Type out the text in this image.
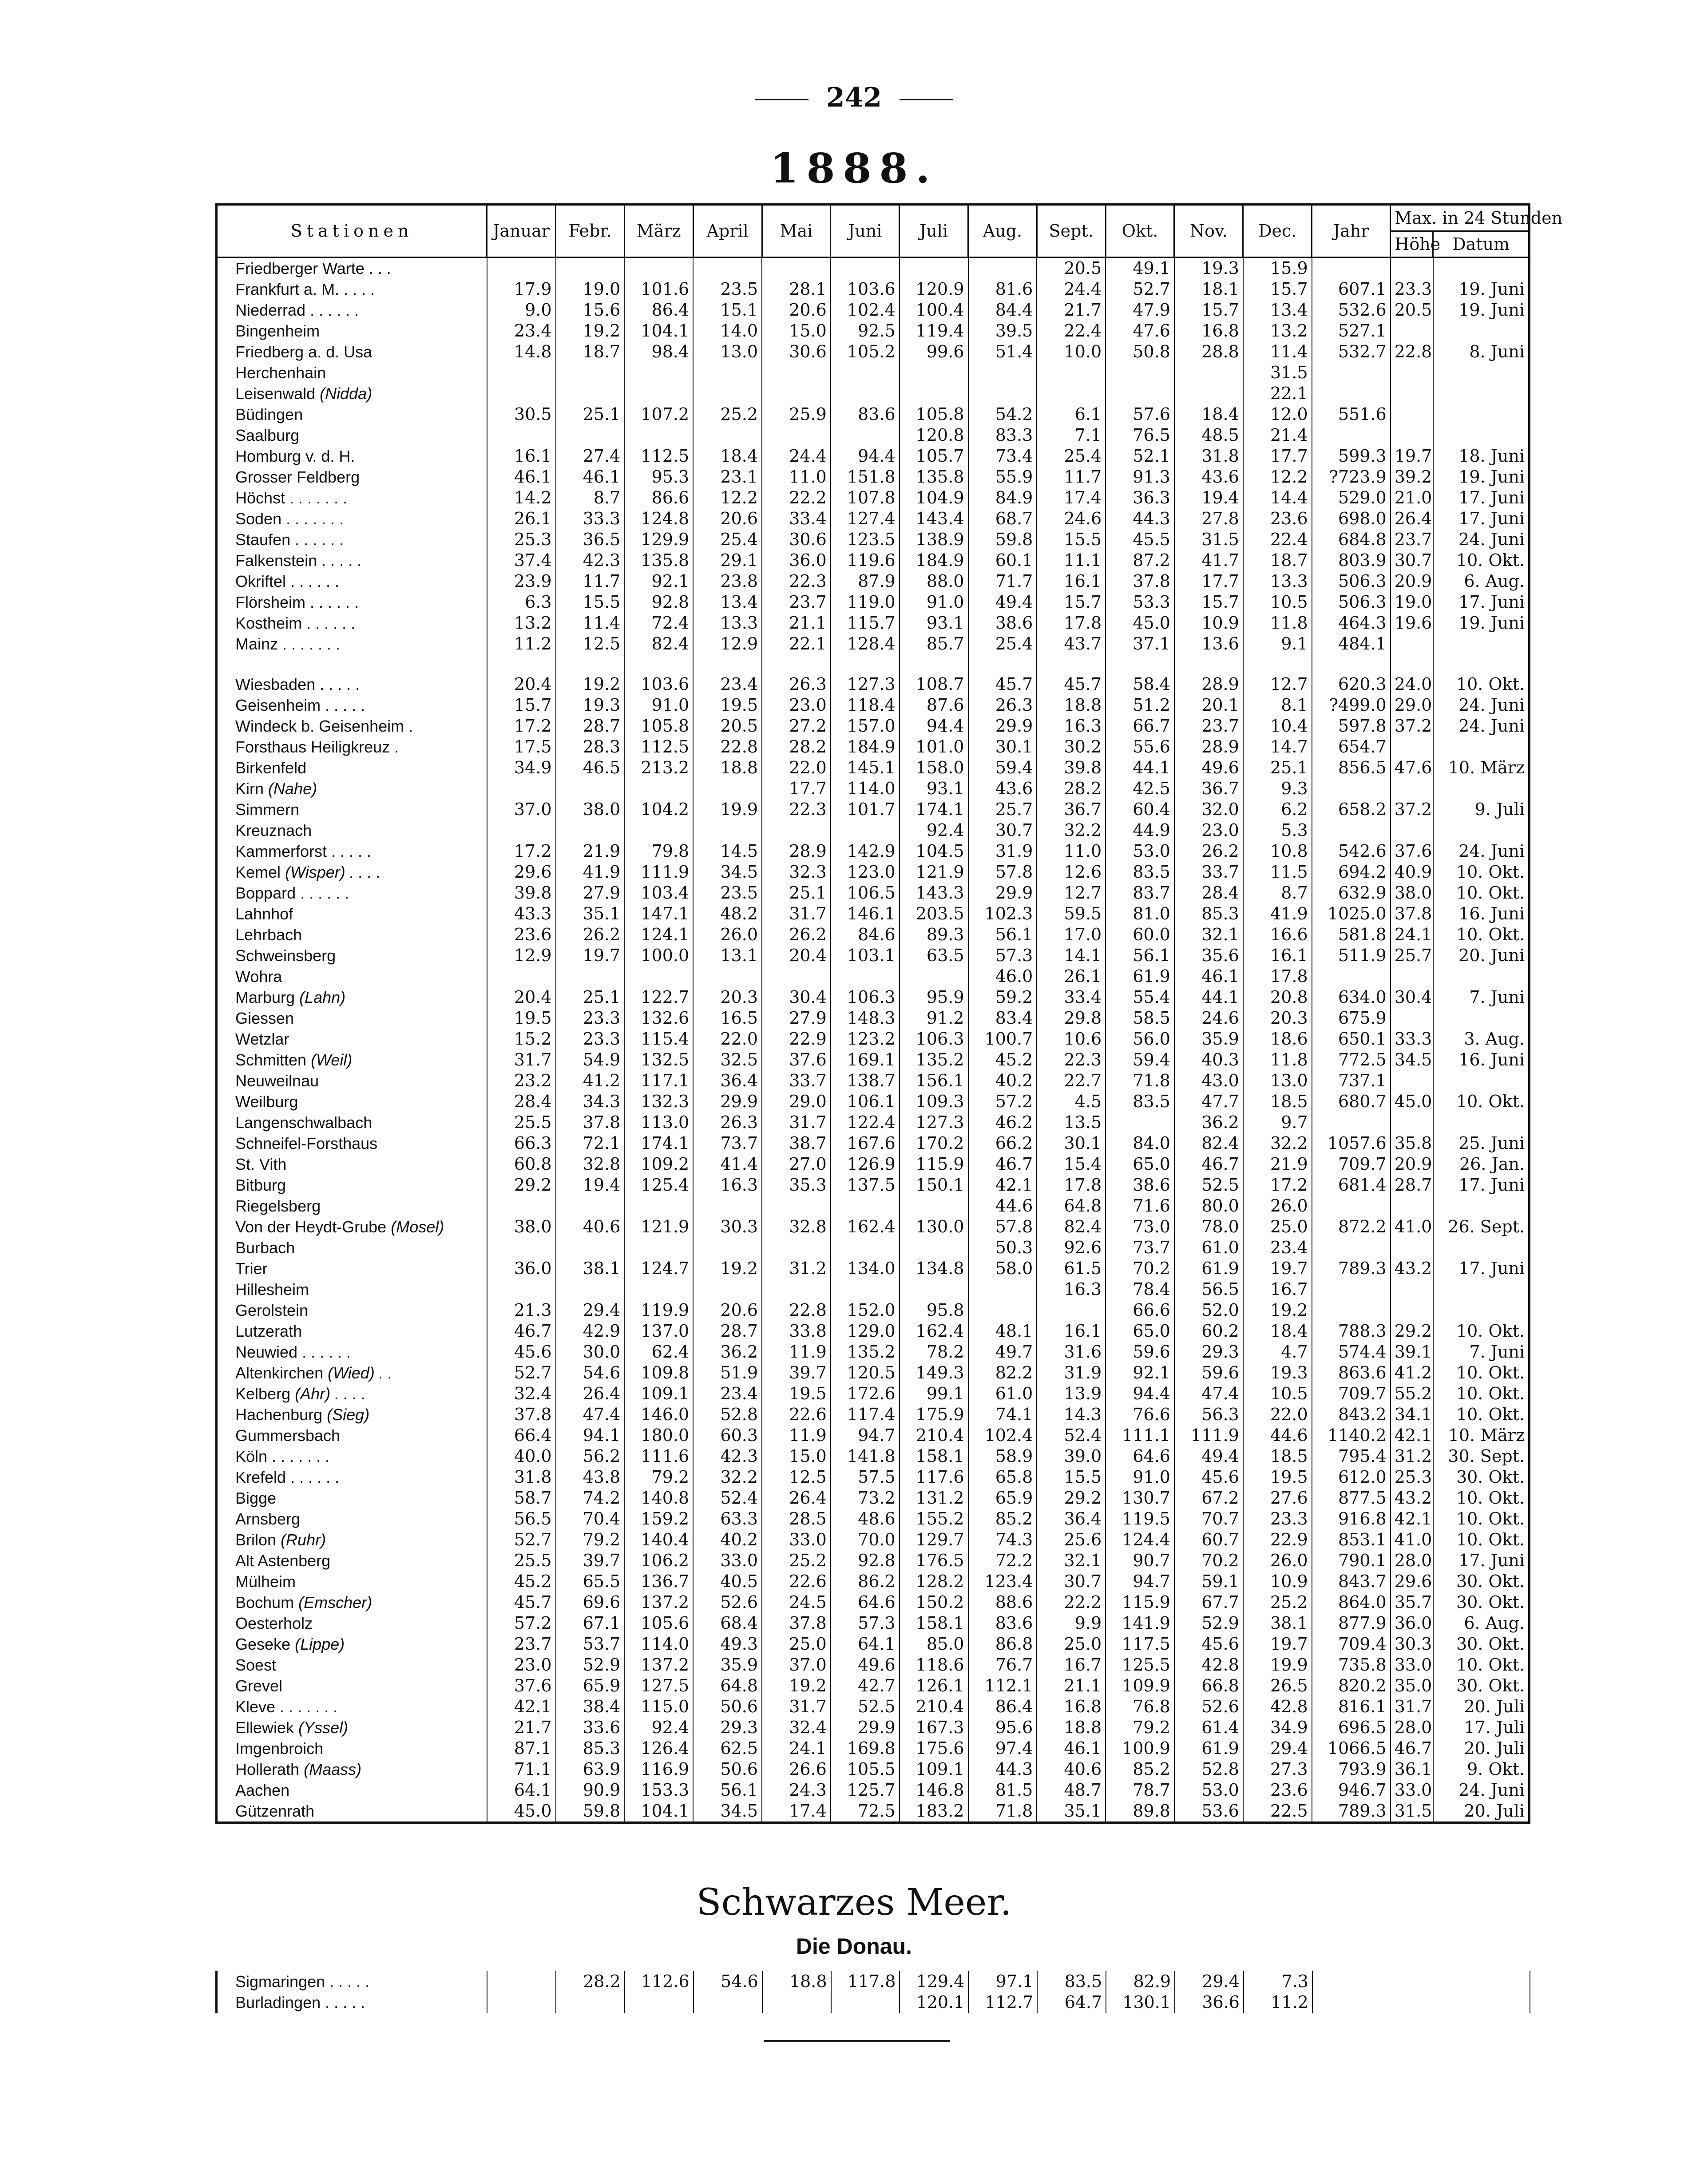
242
1888.
Stationen	Januar	Febr.	März	April	Mai	Juni	Juli	Aug.	Sept.	Okt.	Nov.	Dec.	Jahr	Max. in 24 Stunden	
														Höhe	Datum
Friedberger Warte . . .									20.5	49.1	19.3	15.9			
Frankfurt a. M. . . . .	17.9	19.0	101.6	23.5	28.1	103.6	120.9	81.6	24.4	52.7	18.1	15.7	607.1	23.3	19. Juni
Niederrad . . . . . .	9.0	15.6	86.4	15.1	20.6	102.4	100.4	84.4	21.7	47.9	15.7	13.4	532.6	20.5	19. Juni
Bingenheim	23.4	19.2	104.1	14.0	15.0	92.5	119.4	39.5	22.4	47.6	16.8	13.2	527.1		
Friedberg a. d. Usa	14.8	18.7	98.4	13.0	30.6	105.2	99.6	51.4	10.0	50.8	28.8	11.4	532.7	22.8	8. Juni
Herchenhain												31.5			
Leisenwald (Nidda)												22.1			
Büdingen	30.5	25.1	107.2	25.2	25.9	83.6	105.8	54.2	6.1	57.6	18.4	12.0	551.6		
Saalburg							120.8	83.3	7.1	76.5	48.5	21.4			
Homburg v. d. H.	16.1	27.4	112.5	18.4	24.4	94.4	105.7	73.4	25.4	52.1	31.8	17.7	599.3	19.7	18. Juni
Grosser Feldberg	46.1	46.1	95.3	23.1	11.0	151.8	135.8	55.9	11.7	91.3	43.6	12.2	?723.9	39.2	19. Juni
Höchst . . . . . . .	14.2	8.7	86.6	12.2	22.2	107.8	104.9	84.9	17.4	36.3	19.4	14.4	529.0	21.0	17. Juni
Soden . . . . . . .	26.1	33.3	124.8	20.6	33.4	127.4	143.4	68.7	24.6	44.3	27.8	23.6	698.0	26.4	17. Juni
Staufen . . . . . .	25.3	36.5	129.9	25.4	30.6	123.5	138.9	59.8	15.5	45.5	31.5	22.4	684.8	23.7	24. Juni
Falkenstein . . . . .	37.4	42.3	135.8	29.1	36.0	119.6	184.9	60.1	11.1	87.2	41.7	18.7	803.9	30.7	10. Okt.
Okriftel . . . . . .	23.9	11.7	92.1	23.8	22.3	87.9	88.0	71.7	16.1	37.8	17.7	13.3	506.3	20.9	6. Aug.
Flörsheim . . . . . .	6.3	15.5	92.8	13.4	23.7	119.0	91.0	49.4	15.7	53.3	15.7	10.5	506.3	19.0	17. Juni
Kostheim . . . . . .	13.2	11.4	72.4	13.3	21.1	115.7	93.1	38.6	17.8	45.0	10.9	11.8	464.3	19.6	19. Juni
Mainz . . . . . . .	11.2	12.5	82.4	12.9	22.1	128.4	85.7	25.4	43.7	37.1	13.6	9.1	484.1		

Wiesbaden . . . . .	20.4	19.2	103.6	23.4	26.3	127.3	108.7	45.7	45.7	58.4	28.9	12.7	620.3	24.0	10. Okt.
Geisenheim . . . . .	15.7	19.3	91.0	19.5	23.0	118.4	87.6	26.3	18.8	51.2	20.1	8.1	?499.0	29.0	24. Juni
Windeck b. Geisenheim .	17.2	28.7	105.8	20.5	27.2	157.0	94.4	29.9	16.3	66.7	23.7	10.4	597.8	37.2	24. Juni
Forsthaus Heiligkreuz .	17.5	28.3	112.5	22.8	28.2	184.9	101.0	30.1	30.2	55.6	28.9	14.7	654.7		
Birkenfeld	34.9	46.5	213.2	18.8	22.0	145.1	158.0	59.4	39.8	44.1	49.6	25.1	856.5	47.6	10. März
Kirn (Nahe)					17.7	114.0	93.1	43.6	28.2	42.5	36.7	9.3			
Simmern	37.0	38.0	104.2	19.9	22.3	101.7	174.1	25.7	36.7	60.4	32.0	6.2	658.2	37.2	9. Juli
Kreuznach							92.4	30.7	32.2	44.9	23.0	5.3			
Kammerforst . . . . .	17.2	21.9	79.8	14.5	28.9	142.9	104.5	31.9	11.0	53.0	26.2	10.8	542.6	37.6	24. Juni
Kemel (Wisper) . . . .	29.6	41.9	111.9	34.5	32.3	123.0	121.9	57.8	12.6	83.5	33.7	11.5	694.2	40.9	10. Okt.
Boppard . . . . . .	39.8	27.9	103.4	23.5	25.1	106.5	143.3	29.9	12.7	83.7	28.4	8.7	632.9	38.0	10. Okt.
Lahnhof	43.3	35.1	147.1	48.2	31.7	146.1	203.5	102.3	59.5	81.0	85.3	41.9	1025.0	37.8	16. Juni
Lehrbach	23.6	26.2	124.1	26.0	26.2	84.6	89.3	56.1	17.0	60.0	32.1	16.6	581.8	24.1	10. Okt.
Schweinsberg	12.9	19.7	100.0	13.1	20.4	103.1	63.5	57.3	14.1	56.1	35.6	16.1	511.9	25.7	20. Juni
Wohra								46.0	26.1	61.9	46.1	17.8			
Marburg (Lahn)	20.4	25.1	122.7	20.3	30.4	106.3	95.9	59.2	33.4	55.4	44.1	20.8	634.0	30.4	7. Juni
Giessen	19.5	23.3	132.6	16.5	27.9	148.3	91.2	83.4	29.8	58.5	24.6	20.3	675.9		
Wetzlar	15.2	23.3	115.4	22.0	22.9	123.2	106.3	100.7	10.6	56.0	35.9	18.6	650.1	33.3	3. Aug.
Schmitten (Weil)	31.7	54.9	132.5	32.5	37.6	169.1	135.2	45.2	22.3	59.4	40.3	11.8	772.5	34.5	16. Juni
Neuweilnau	23.2	41.2	117.1	36.4	33.7	138.7	156.1	40.2	22.7	71.8	43.0	13.0	737.1		
Weilburg	28.4	34.3	132.3	29.9	29.0	106.1	109.3	57.2	4.5	83.5	47.7	18.5	680.7	45.0	10. Okt.
Langenschwalbach	25.5	37.8	113.0	26.3	31.7	122.4	127.3	46.2	13.5		36.2	9.7			
Schneifel-Forsthaus	66.3	72.1	174.1	73.7	38.7	167.6	170.2	66.2	30.1	84.0	82.4	32.2	1057.6	35.8	25. Juni
St. Vith	60.8	32.8	109.2	41.4	27.0	126.9	115.9	46.7	15.4	65.0	46.7	21.9	709.7	20.9	26. Jan.
Bitburg	29.2	19.4	125.4	16.3	35.3	137.5	150.1	42.1	17.8	38.6	52.5	17.2	681.4	28.7	17. Juni
Riegelsberg								44.6	64.8	71.6	80.0	26.0			
Von der Heydt-Grube (Mosel)	38.0	40.6	121.9	30.3	32.8	162.4	130.0	57.8	82.4	73.0	78.0	25.0	872.2	41.0	26. Sept.
Burbach								50.3	92.6	73.7	61.0	23.4			
Trier	36.0	38.1	124.7	19.2	31.2	134.0	134.8	58.0	61.5	70.2	61.9	19.7	789.3	43.2	17. Juni
Hillesheim									16.3	78.4	56.5	16.7			
Gerolstein	21.3	29.4	119.9	20.6	22.8	152.0	95.8			66.6	52.0	19.2			
Lutzerath	46.7	42.9	137.0	28.7	33.8	129.0	162.4	48.1	16.1	65.0	60.2	18.4	788.3	29.2	10. Okt.
Neuwied . . . . . .	45.6	30.0	62.4	36.2	11.9	135.2	78.2	49.7	31.6	59.6	29.3	4.7	574.4	39.1	7. Juni
Altenkirchen (Wied) . .	52.7	54.6	109.8	51.9	39.7	120.5	149.3	82.2	31.9	92.1	59.6	19.3	863.6	41.2	10. Okt.
Kelberg (Ahr) . . . .	32.4	26.4	109.1	23.4	19.5	172.6	99.1	61.0	13.9	94.4	47.4	10.5	709.7	55.2	10. Okt.
Hachenburg (Sieg)	37.8	47.4	146.0	52.8	22.6	117.4	175.9	74.1	14.3	76.6	56.3	22.0	843.2	34.1	10. Okt.
Gummersbach	66.4	94.1	180.0	60.3	11.9	94.7	210.4	102.4	52.4	111.1	111.9	44.6	1140.2	42.1	10. März
Köln . . . . . . .	40.0	56.2	111.6	42.3	15.0	141.8	158.1	58.9	39.0	64.6	49.4	18.5	795.4	31.2	30. Sept.
Krefeld . . . . . .	31.8	43.8	79.2	32.2	12.5	57.5	117.6	65.8	15.5	91.0	45.6	19.5	612.0	25.3	30. Okt.
Bigge	58.7	74.2	140.8	52.4	26.4	73.2	131.2	65.9	29.2	130.7	67.2	27.6	877.5	43.2	10. Okt.
Arnsberg	56.5	70.4	159.2	63.3	28.5	48.6	155.2	85.2	36.4	119.5	70.7	23.3	916.8	42.1	10. Okt.
Brilon (Ruhr)	52.7	79.2	140.4	40.2	33.0	70.0	129.7	74.3	25.6	124.4	60.7	22.9	853.1	41.0	10. Okt.
Alt Astenberg	25.5	39.7	106.2	33.0	25.2	92.8	176.5	72.2	32.1	90.7	70.2	26.0	790.1	28.0	17. Juni
Mülheim	45.2	65.5	136.7	40.5	22.6	86.2	128.2	123.4	30.7	94.7	59.1	10.9	843.7	29.6	30. Okt.
Bochum (Emscher)	45.7	69.6	137.2	52.6	24.5	64.6	150.2	88.6	22.2	115.9	67.7	25.2	864.0	35.7	30. Okt.
Oesterholz	57.2	67.1	105.6	68.4	37.8	57.3	158.1	83.6	9.9	141.9	52.9	38.1	877.9	36.0	6. Aug.
Geseke (Lippe)	23.7	53.7	114.0	49.3	25.0	64.1	85.0	86.8	25.0	117.5	45.6	19.7	709.4	30.3	30. Okt.
Soest	23.0	52.9	137.2	35.9	37.0	49.6	118.6	76.7	16.7	125.5	42.8	19.9	735.8	33.0	10. Okt.
Grevel	37.6	65.9	127.5	64.8	19.2	42.7	126.1	112.1	21.1	109.9	66.8	26.5	820.2	35.0	30. Okt.
Kleve . . . . . . .	42.1	38.4	115.0	50.6	31.7	52.5	210.4	86.4	16.8	76.8	52.6	42.8	816.1	31.7	20. Juli
Ellewiek (Yssel)	21.7	33.6	92.4	29.3	32.4	29.9	167.3	95.6	18.8	79.2	61.4	34.9	696.5	28.0	17. Juli
Imgenbroich	87.1	85.3	126.4	62.5	24.1	169.8	175.6	97.4	46.1	100.9	61.9	29.4	1066.5	46.7	20. Juli
Hollerath (Maass)	71.1	63.9	116.9	50.6	26.6	105.5	109.1	44.3	40.6	85.2	52.8	27.3	793.9	36.1	9. Okt.
Aachen	64.1	90.9	153.3	56.1	24.3	125.7	146.8	81.5	48.7	78.7	53.0	23.6	946.7	33.0	24. Juni
Gützenrath	45.0	59.8	104.1	34.5	17.4	72.5	183.2	71.8	35.1	89.8	53.6	22.5	789.3	31.5	20. Juli
Schwarzes Meer.
Die Donau.
Sigmaringen . . . . .		28.2	112.6	54.6	18.8	117.8	129.4	97.1	83.5	82.9	29.4	7.3	
Burladingen . . . . .							120.1	112.7	64.7	130.1	36.6	11.2	
